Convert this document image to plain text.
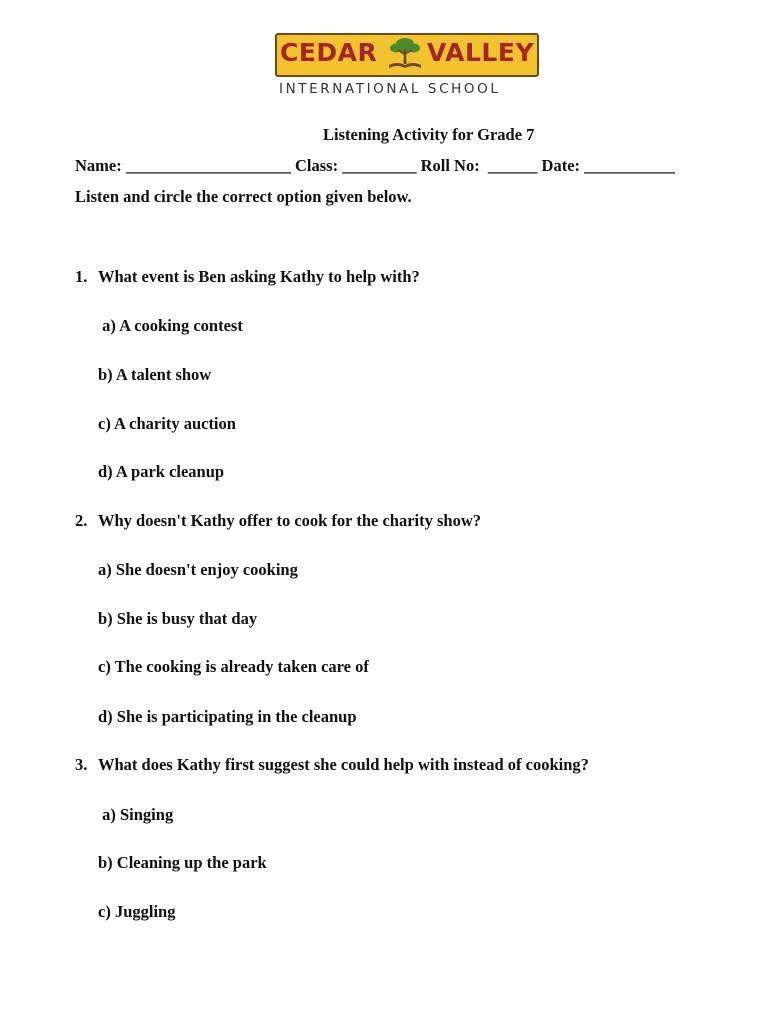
CEDAR VALLEY
INTERNATIONAL SCHOOL
Listening Activity for Grade 7
Name: ____________________ Class: _________ Roll No:  ______ Date: ___________
Listen and circle the correct option given below.
1. What event is Ben asking Kathy to help with?
a) A cooking contest
b) A talent show
c) A charity auction
d) A park cleanup
2. Why doesn't Kathy offer to cook for the charity show?
a) She doesn't enjoy cooking
b) She is busy that day
c) The cooking is already taken care of
d) She is participating in the cleanup
3. What does Kathy first suggest she could help with instead of cooking?
a) Singing
b) Cleaning up the park
c) Juggling
